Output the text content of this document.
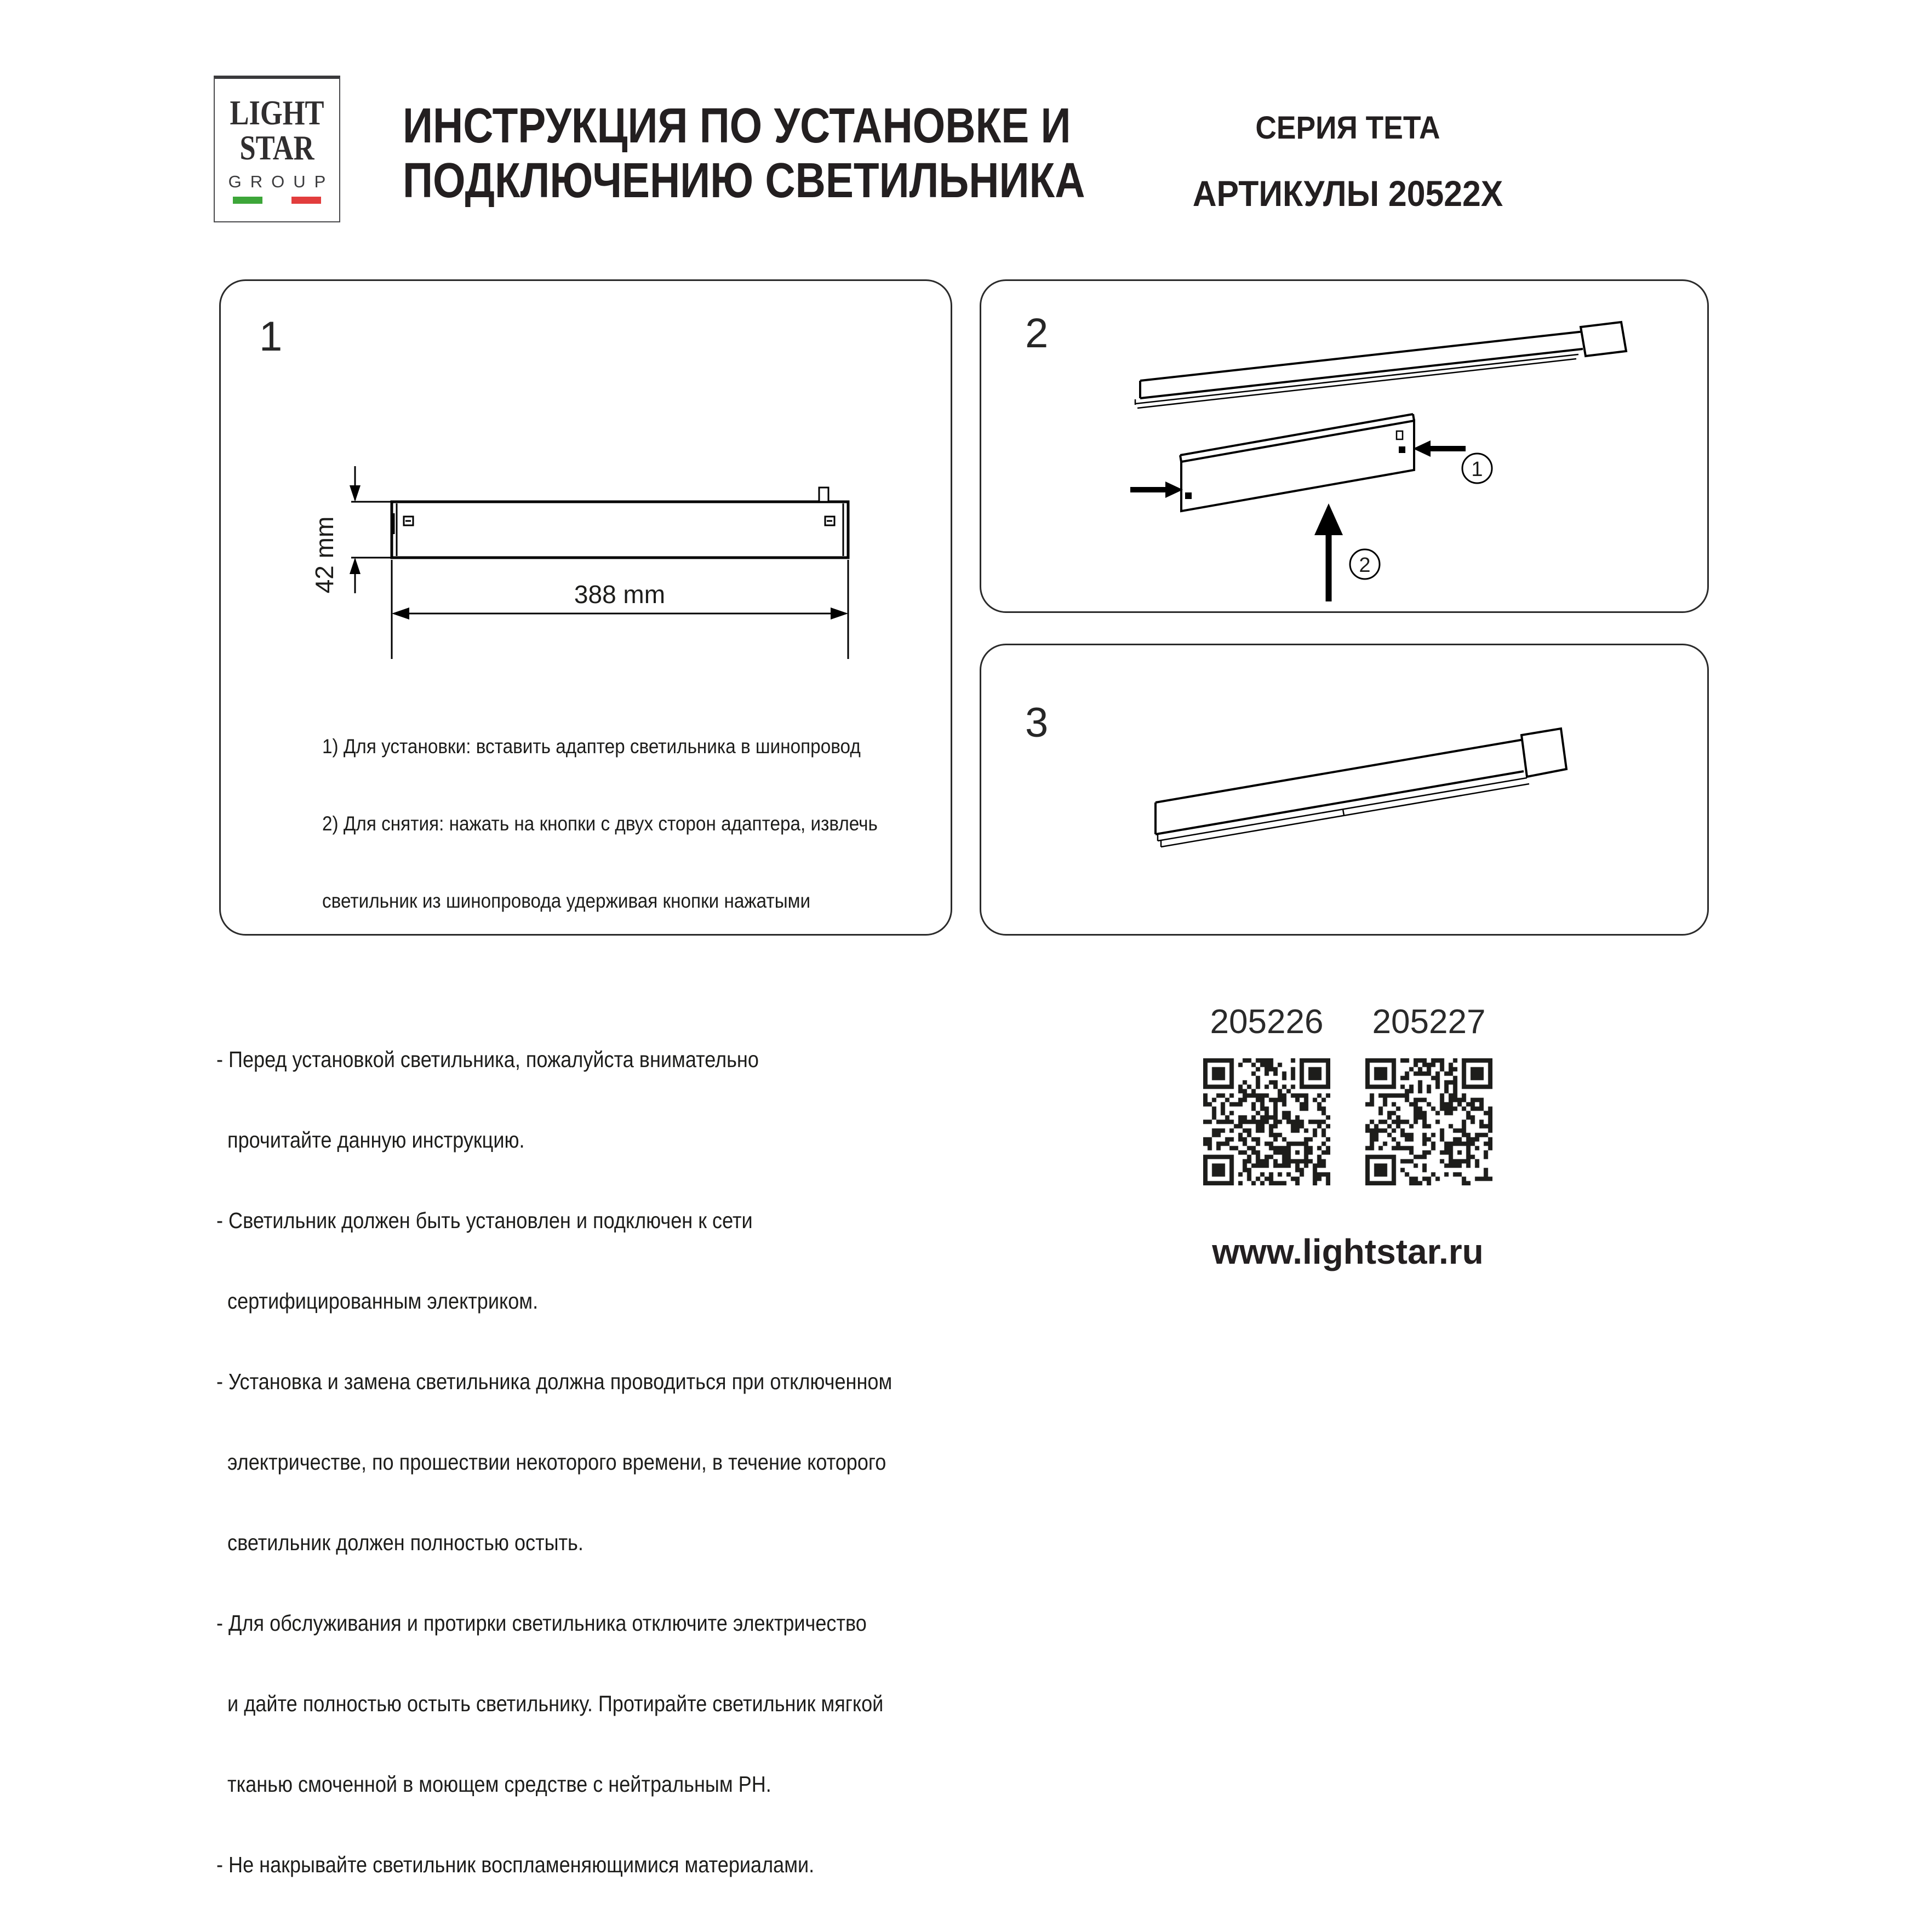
LIGHT
STAR
GROUP
ИНСТРУКЦИЯ ПО УСТАНОВКЕ И
ПОДКЛЮЧЕНИЮ СВЕТИЛЬНИКА
СЕРИЯ ТЕТА
АРТИКУЛЫ 20522Х
1
42 mm
388 mm

1) Для установки: вставить адаптер светильника в шинопровод

2) Для снятия: нажать на кнопки с двух сторон адаптера, извлечь

светильник из шинопровода удерживая кнопки нажатыми

2
1
2
3

- Перед установкой светильника, пожалуйста внимательно

прочитайте данную инструкцию.

- Светильник должен быть установлен и подключен к сети

сертифицированным электриком.

- Установка и замена светильника должна проводиться при отключенном

электричестве, по прошествии некоторого времени, в течение которого

светильник должен полностью остыть.

- Для обслуживания и протирки светильника отключите электричество

и дайте полностью остыть светильнику. Протирайте светильник мягкой

тканью смоченной в моющем средстве с нейтральным PH.

- Не накрывайте светильник воспламеняющимися материалами.

205226 205227
www.lightstar.ru
